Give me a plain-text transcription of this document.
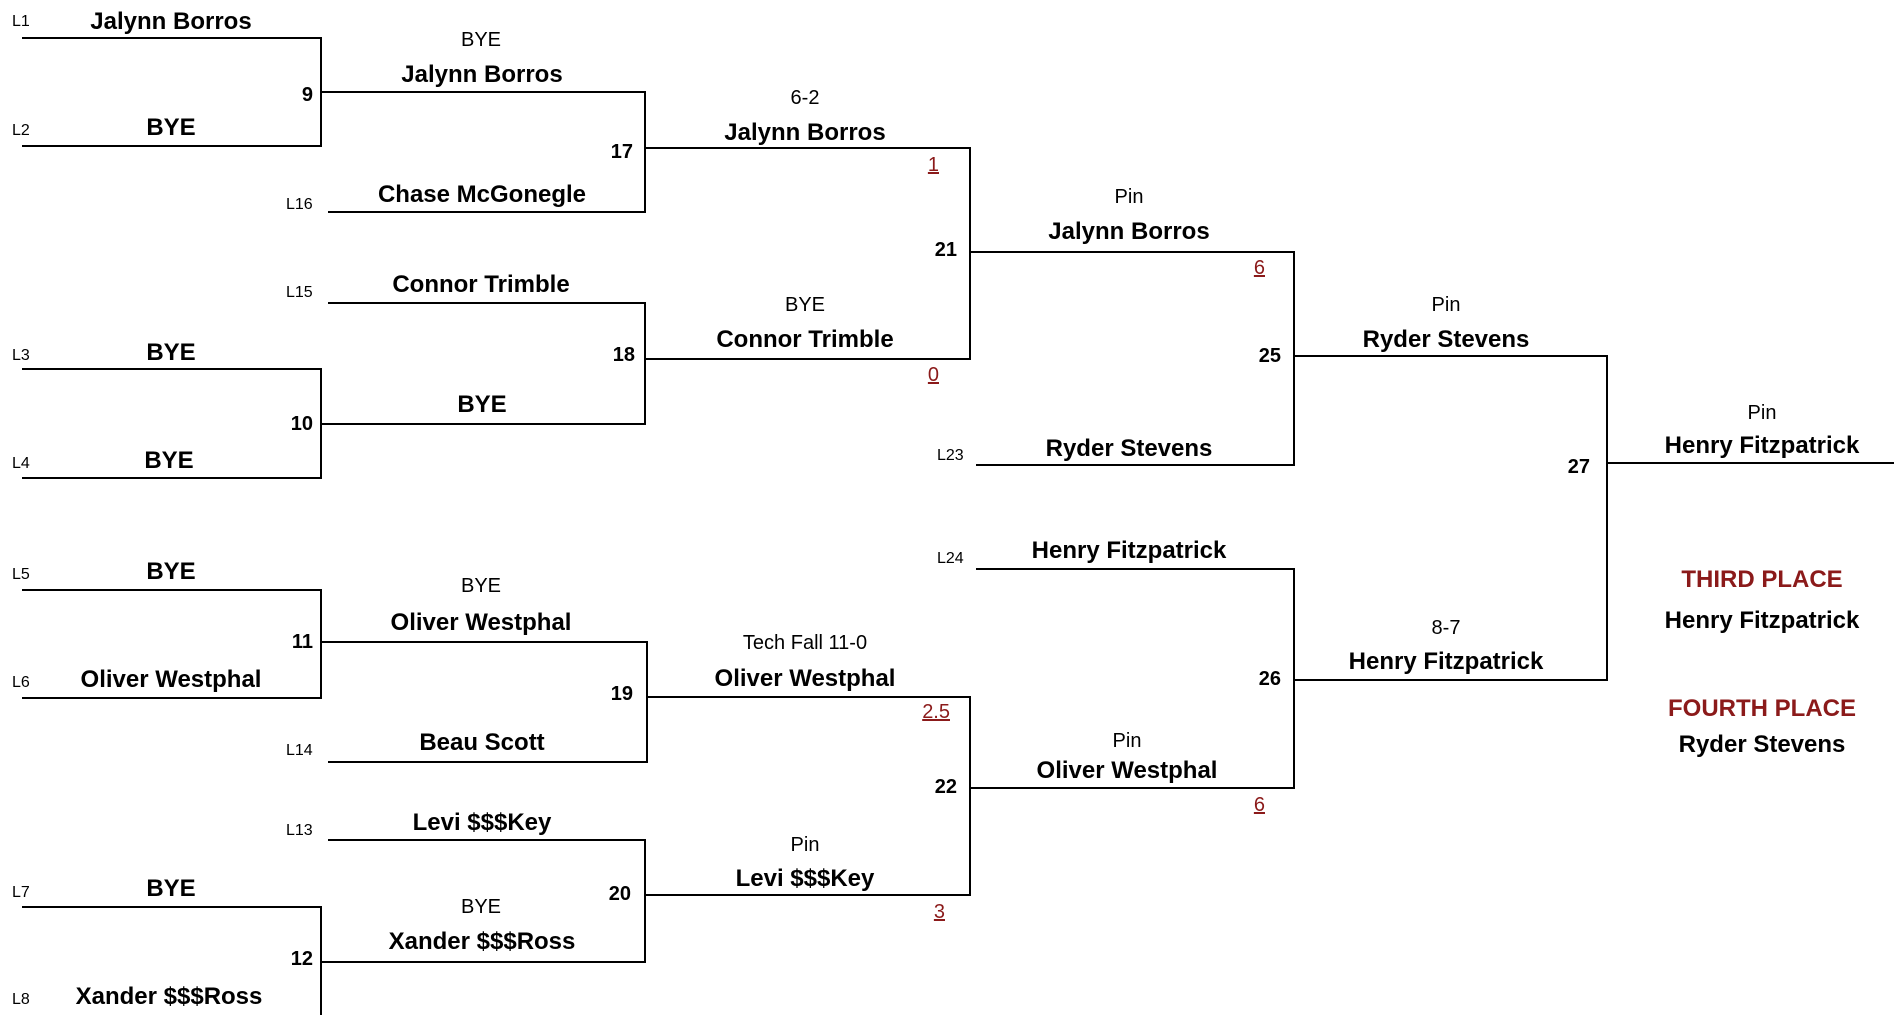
L1
L2
L3
L4
L5
L6
L7
L8
L16
L15
L14
L13
L23
L24
Jalynn Borros
BYE
BYE
BYE
BYE
Oliver Westphal
BYE
Xander $$$Ross
BYE
Jalynn Borros
Chase McGonegle
Connor Trimble
BYE
BYE
Oliver Westphal
Beau Scott
Levi $$$Key
BYE
Xander $$$Ross
6-2
Jalynn Borros
1
BYE
Connor Trimble
0
Tech Fall 11-0
Oliver Westphal
2.5
Pin
Levi $$$Key
3
Pin
Jalynn Borros
6
Ryder Stevens
Henry Fitzpatrick
Pin
Oliver Westphal
6
Pin
Ryder Stevens
8-7
Henry Fitzpatrick
Pin
Henry Fitzpatrick
9
10
11
12
17
18
19
20
21
22
25
26
27
THIRD PLACE
Henry Fitzpatrick
FOURTH PLACE
Ryder Stevens
